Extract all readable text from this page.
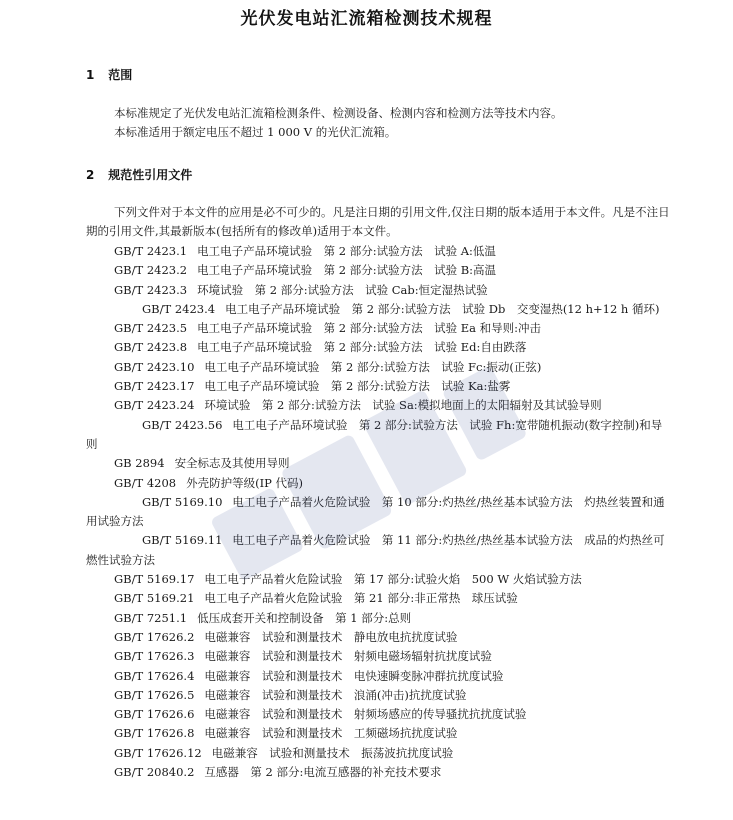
光伏发电站汇流箱检测技术规程
1 范围
本标准规定了光伏发电站汇流箱检测条件、检测设备、检测内容和检测方法等技术内容。
本标准适用于额定电压不超过 1 000 V 的光伏汇流箱。
2 规范性引用文件
下列文件对于本文件的应用是必不可少的。凡是注日期的引用文件,仅注日期的版本适用于本文件。凡是不注日期的引用文件,其最新版本(包括所有的修改单)适用于本文件。
GB/T 2423.1 电工电子产品环境试验　第 2 部分:试验方法　试验 A:低温
GB/T 2423.2 电工电子产品环境试验　第 2 部分:试验方法　试验 B:高温
GB/T 2423.3 环境试验　第 2 部分:试验方法　试验 Cab:恒定湿热试验
GB/T 2423.4 电工电子产品环境试验　第 2 部分:试验方法　试验 Db　交变湿热(12 h+12 h 循环)
GB/T 2423.5 电工电子产品环境试验　第 2 部分:试验方法　试验 Ea 和导则:冲击
GB/T 2423.8 电工电子产品环境试验　第 2 部分:试验方法　试验 Ed:自由跌落
GB/T 2423.10 电工电子产品环境试验　第 2 部分:试验方法　试验 Fc:振动(正弦)
GB/T 2423.17 电工电子产品环境试验　第 2 部分:试验方法　试验 Ka:盐雾
GB/T 2423.24 环境试验　第 2 部分:试验方法　试验 Sa:模拟地面上的太阳辐射及其试验导则
GB/T 2423.56 电工电子产品环境试验　第 2 部分:试验方法　试验 Fh:宽带随机振动(数字控制)和导则
GB 2894 安全标志及其使用导则
GB/T 4208 外壳防护等级(IP 代码)
GB/T 5169.10 电工电子产品着火危险试验　第 10 部分:灼热丝/热丝基本试验方法　灼热丝装置和通用试验方法
GB/T 5169.11 电工电子产品着火危险试验　第 11 部分:灼热丝/热丝基本试验方法　成品的灼热丝可燃性试验方法
GB/T 5169.17 电工电子产品着火危险试验　第 17 部分:试验火焰　500 W 火焰试验方法
GB/T 5169.21 电工电子产品着火危险试验　第 21 部分:非正常热　球压试验
GB/T 7251.1 低压成套开关和控制设备　第 1 部分:总则
GB/T 17626.2 电磁兼容　试验和测量技术　静电放电抗扰度试验
GB/T 17626.3 电磁兼容　试验和测量技术　射频电磁场辐射抗扰度试验
GB/T 17626.4 电磁兼容　试验和测量技术　电快速瞬变脉冲群抗扰度试验
GB/T 17626.5 电磁兼容　试验和测量技术　浪涌(冲击)抗扰度试验
GB/T 17626.6 电磁兼容　试验和测量技术　射频场感应的传导骚扰抗扰度试验
GB/T 17626.8 电磁兼容　试验和测量技术　工频磁场抗扰度试验
GB/T 17626.12 电磁兼容　试验和测量技术　振荡波抗扰度试验
GB/T 20840.2 互感器　第 2 部分:电流互感器的补充技术要求
